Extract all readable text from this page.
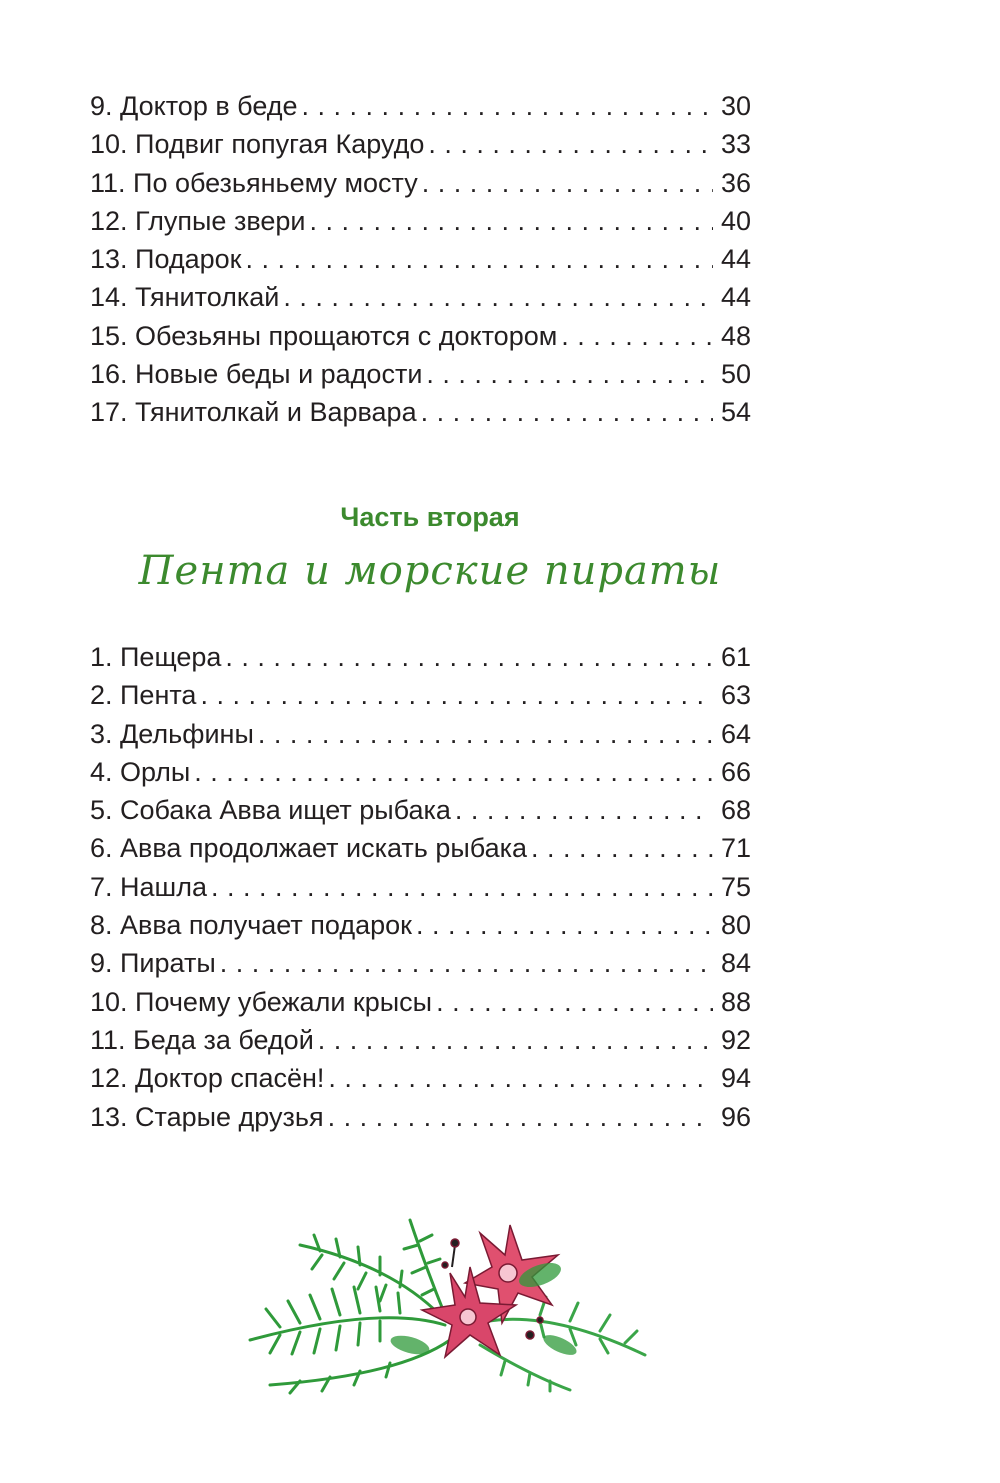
9. Доктор в беде . . .	30
10. Подвиг попугая Карудо . . .	33
11. По обезьяньему мосту . . .	36
12. Глупые звери . . .	40
13. Подарок . . .	44
14. Тянитолкай . . .	44
15. Обезьяны прощаются с доктором . . .	48
16. Новые беды и радости . . .	50
17. Тянитолкай и Варвара . . .	54
Часть вторая
Пента и морские пираты
1. Пещера . . .	61
2. Пента . . .	63
3. Дельфины . . .	64
4. Орлы . . .	66
5. Собака Авва ищет рыбака . . .	68
6. Авва продолжает искать рыбака . . .	71
7. Нашла . . .	75
8. Авва получает подарок . . .	80
9. Пираты . . .	84
10. Почему убежали крысы . . .	88
11. Беда за бедой . . .	92
12. Доктор спасён! . . .	94
13. Старые друзья . . .	96
